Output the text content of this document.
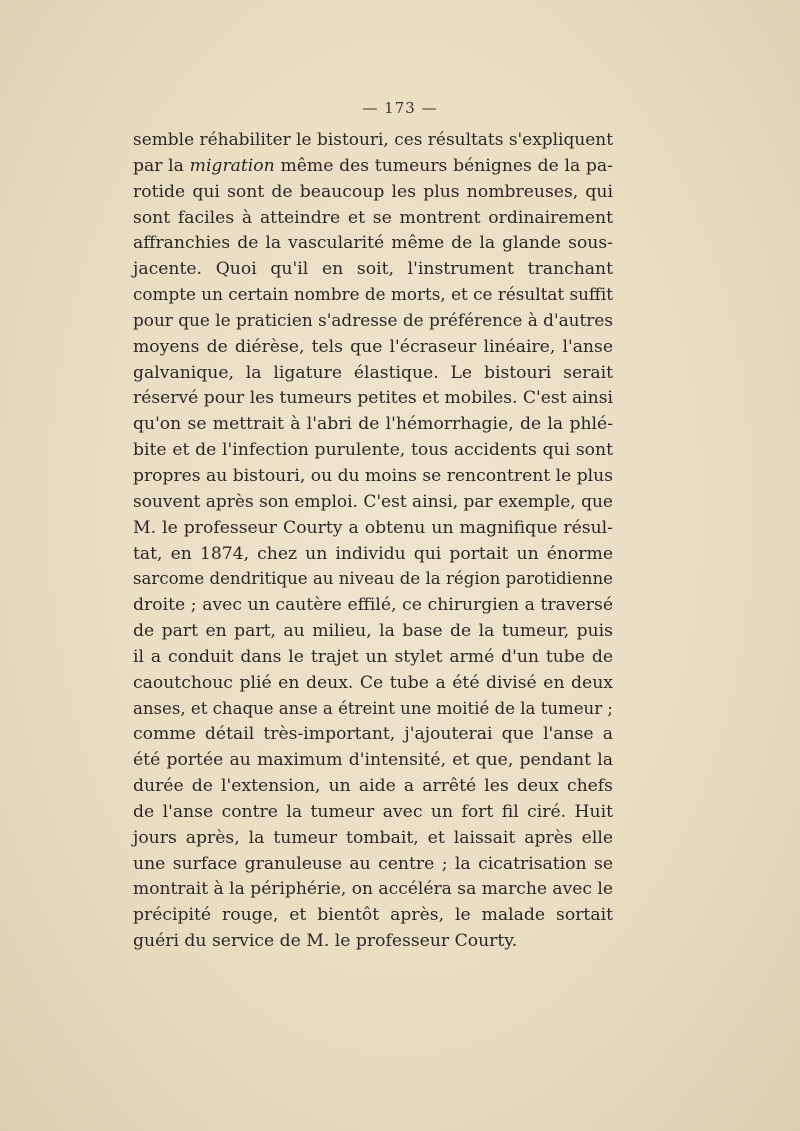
— 173 —
semble réhabiliter le bistouri, ces résultats s'expliquent
par la migration même des tumeurs bénignes de la pa-
rotide qui sont de beaucoup les plus nombreuses, qui
sont faciles à atteindre et se montrent ordinairement
affranchies de la vascularité même de la glande sous-
jacente. Quoi qu'il en soit, l'instrument tranchant
compte un certain nombre de morts, et ce résultat suffit
pour que le praticien s'adresse de préférence à d'autres
moyens de diérèse, tels que l'écraseur linéaire, l'anse
galvanique, la ligature élastique. Le bistouri serait
réservé pour les tumeurs petites et mobiles. C'est ainsi
qu'on se mettrait à l'abri de l'hémorrhagie, de la phlé-
bite et de l'infection purulente, tous accidents qui sont
propres au bistouri, ou du moins se rencontrent le plus
souvent après son emploi. C'est ainsi, par exemple, que
M. le professeur Courty a obtenu un magnifique résul-
tat, en 1874, chez un individu qui portait un énorme
sarcome dendritique au niveau de la région parotidienne
droite ; avec un cautère effilé, ce chirurgien a traversé
de part en part, au milieu, la base de la tumeur, puis
il a conduit dans le trajet un stylet armé d'un tube de
caoutchouc plié en deux. Ce tube a été divisé en deux
anses, et chaque anse a étreint une moitié de la tumeur ;
comme détail très-important, j'ajouterai que l'anse a
été portée au maximum d'intensité, et que, pendant la
durée de l'extension, un aide a arrêté les deux chefs
de l'anse contre la tumeur avec un fort fil ciré. Huit
jours après, la tumeur tombait, et laissait après elle
une surface granuleuse au centre ; la cicatrisation se
montrait à la périphérie, on accéléra sa marche avec le
précipité rouge, et bientôt après, le malade sortait
guéri du service de M. le professeur Courty.
